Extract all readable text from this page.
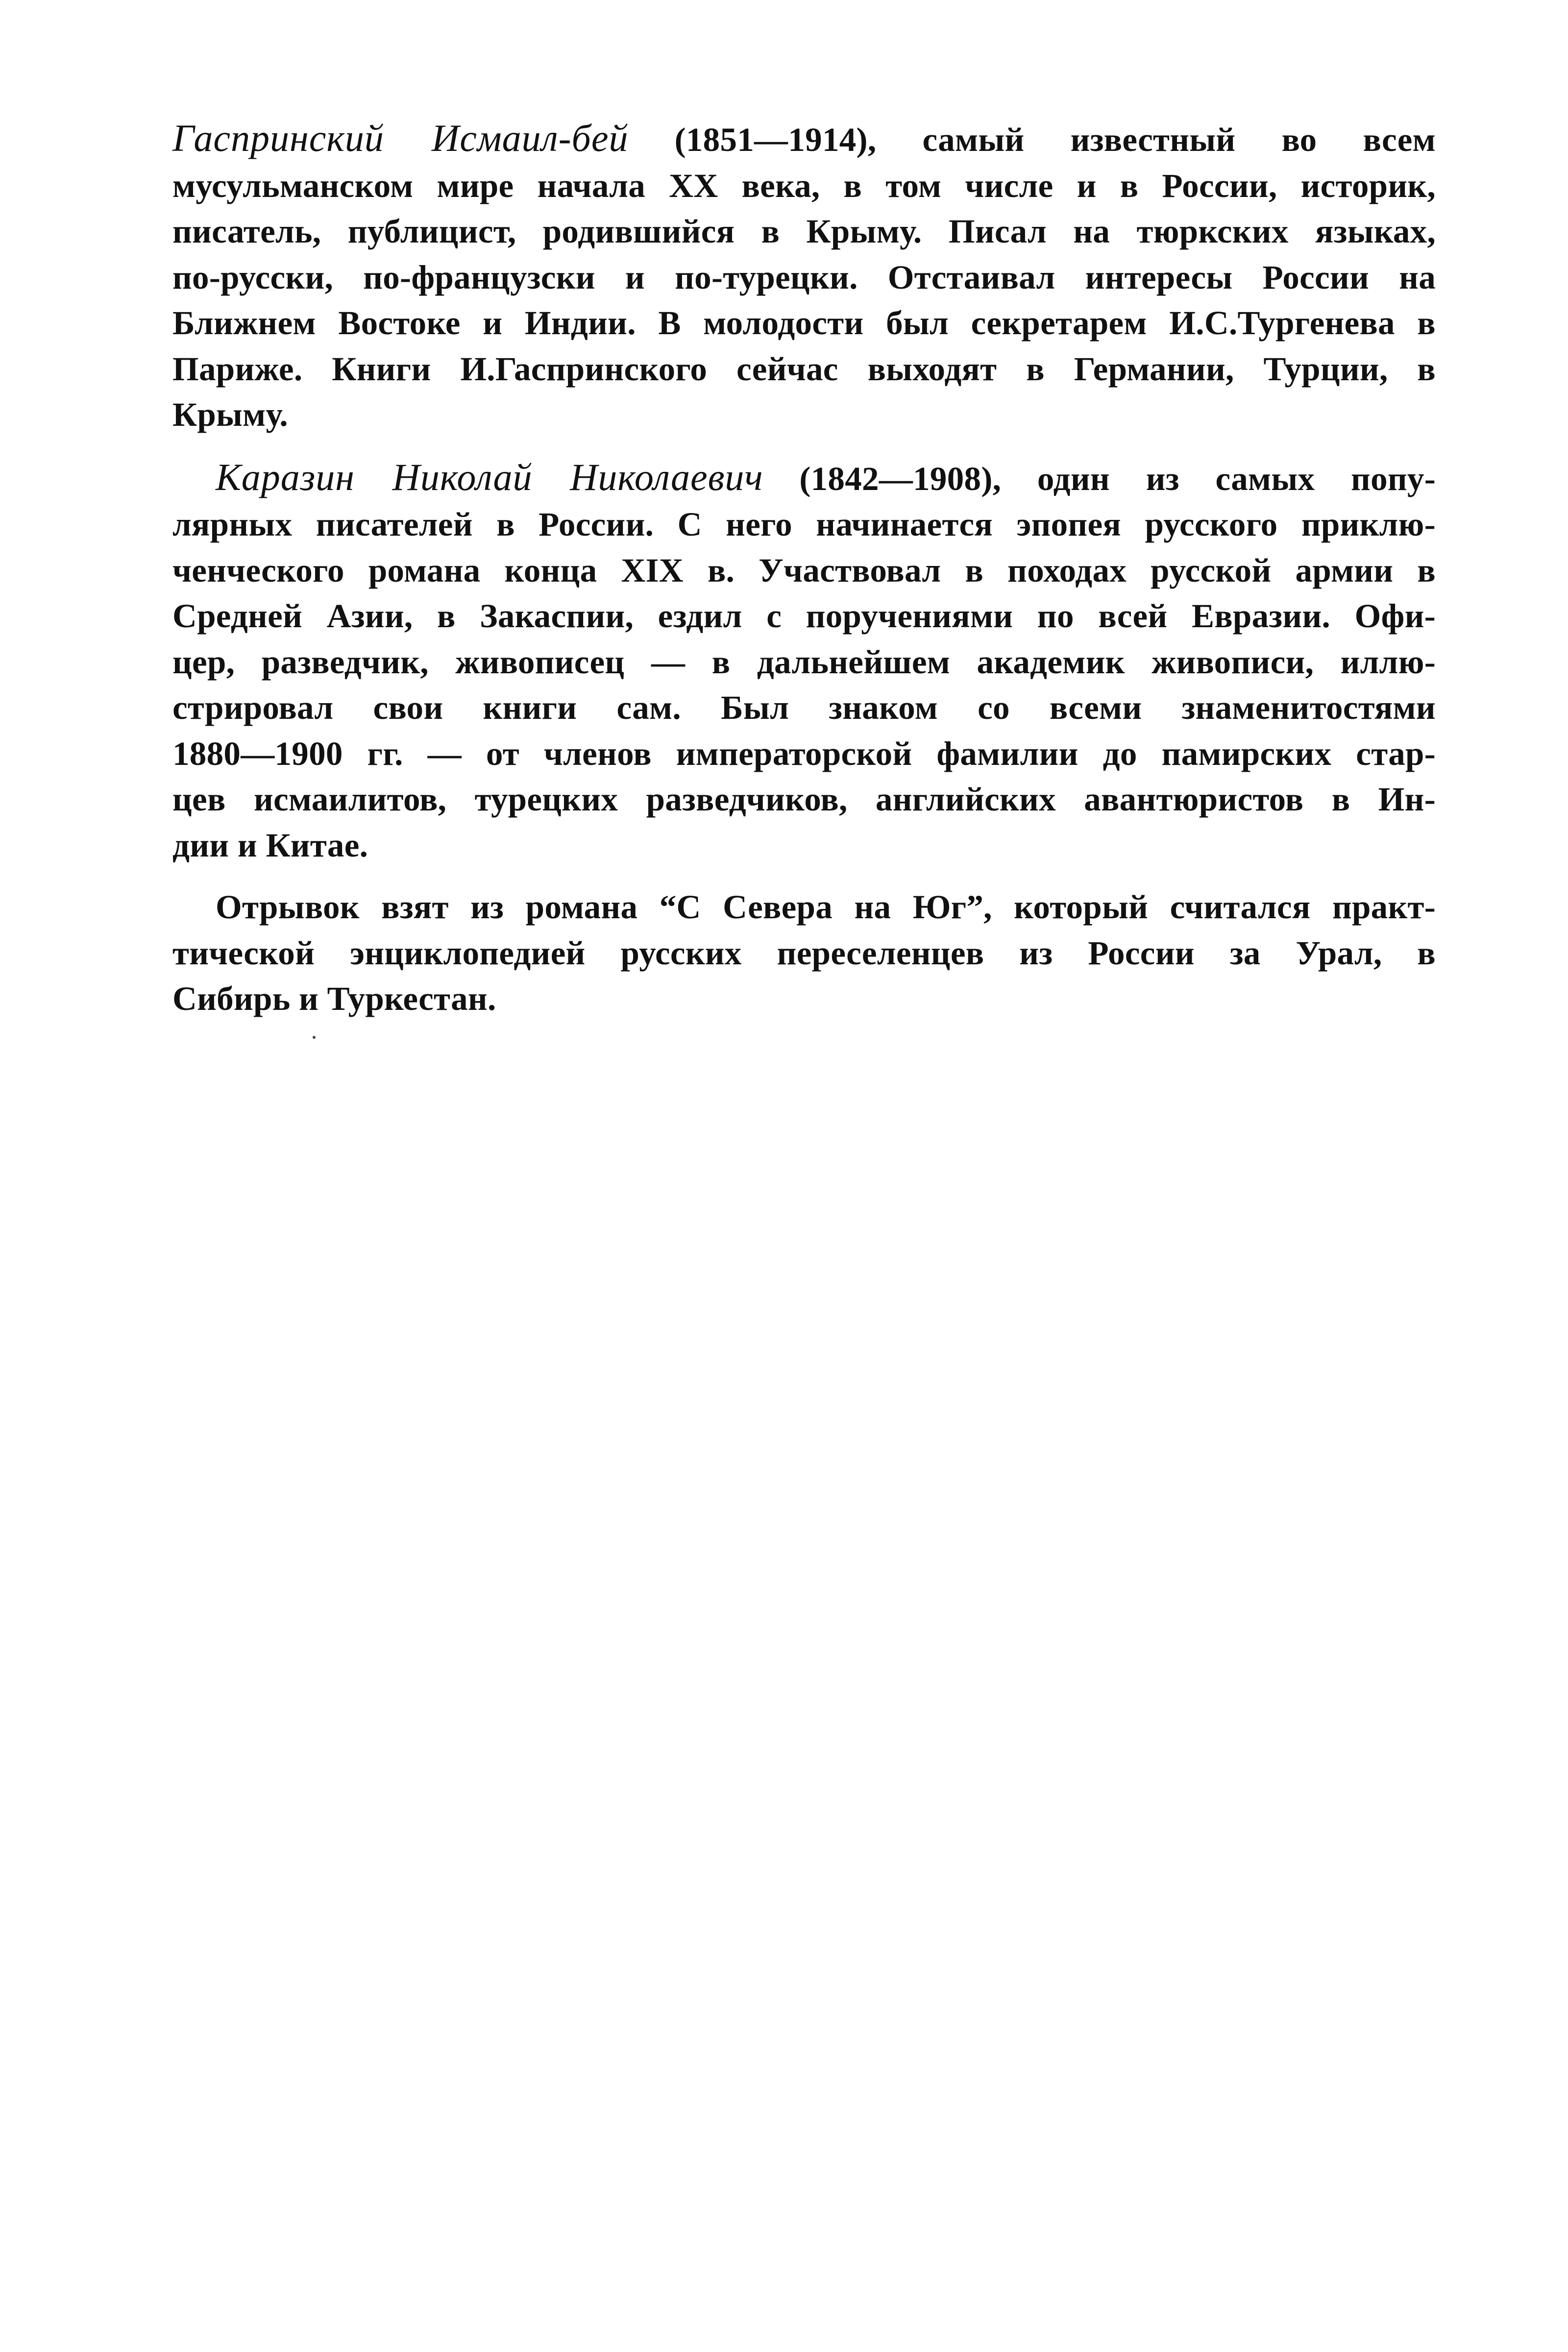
Гаспринский Исмаил-бей (1851—1914), самый известный во всем
мусульманском мире начала XX века, в том числе и в России, историк,
писатель, публицист, родившийся в Крыму. Писал на тюркских языках,
по-русски, по-французски и по-турецки. Отстаивал интересы России на
Ближнем Востоке и Индии. В молодости был секретарем И.С.Тургенева в
Париже. Книги И.Гаспринского сейчас выходят в Германии, Турции, в
Крыму.

Каразин Николай Николаевич (1842—1908), один из самых попу-
лярных писателей в России. С него начинается эпопея русского приклю-
ченческого романа конца XIX в. Участвовал в походах русской армии в
Средней Азии, в Закаспии, ездил с поручениями по всей Евразии. Офи-
цер, разведчик, живописец — в дальнейшем академик живописи, иллю-
стрировал свои книги сам. Был знаком со всеми знаменитостями
1880—1900 гг. — от членов императорской фамилии до памирских стар-
цев исмаилитов, турецких разведчиков, английских авантюристов в Ин-
дии и Китае.

Отрывок взят из романа “С Севера на Юг”, который считался практ-
тической энциклопедией русских переселенцев из России за Урал, в
Сибирь и Туркестан.
